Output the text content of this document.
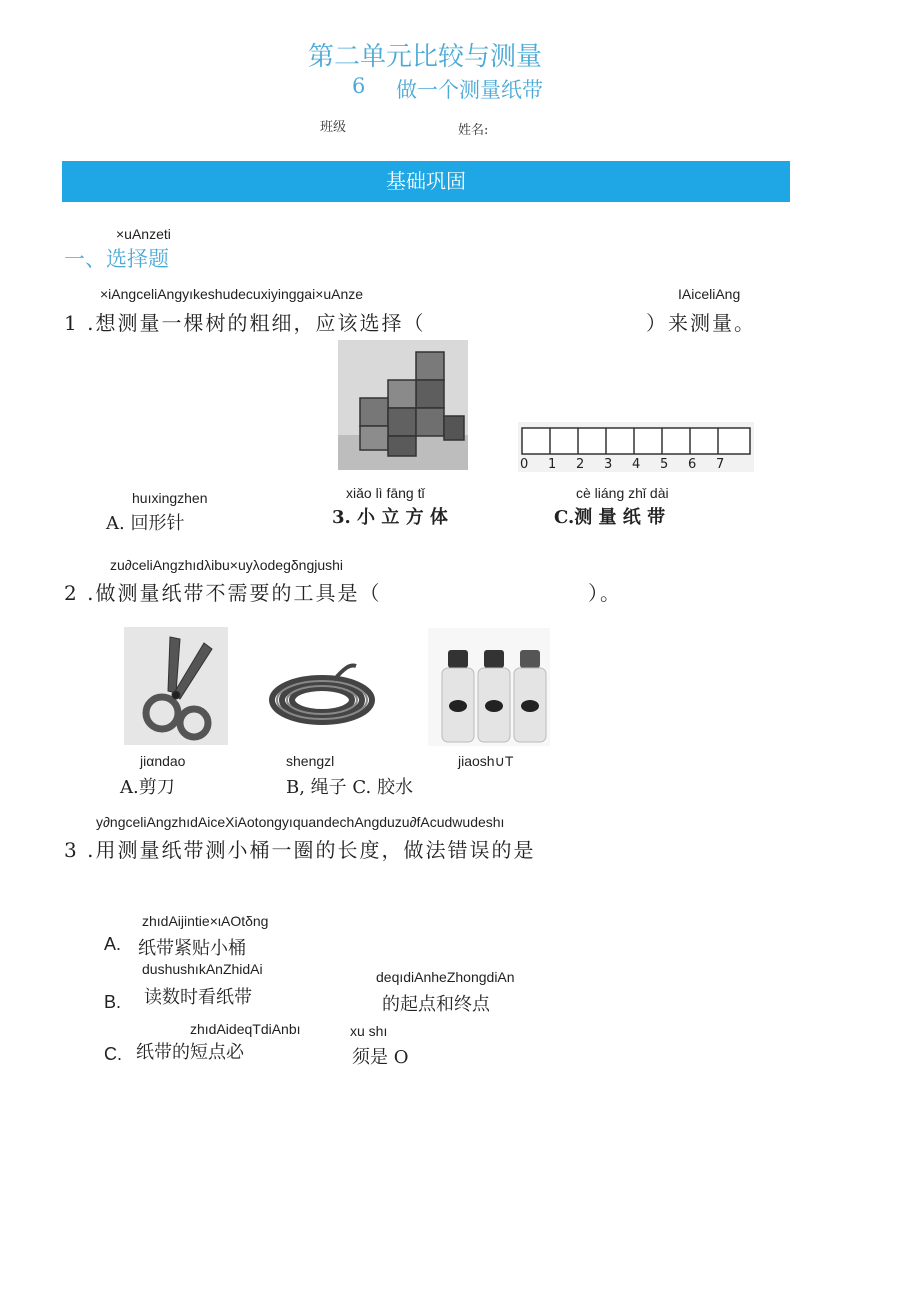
第二单元比较与测量
6 做一个测量纸带
班级	姓名:
基础巩固
×uAnzeti
一、选择题
×iAngceliAngyıkeshudecuxiyinggai×uAnze	IAiceliAng
1 .想测量一棵树的粗细，应该选择（	）来测量。
0 1 2 3 4 5 6 7
huıxingzhen
A. 回形针
xiǎo lì fāng tǐ
3. 小 立 方 体
cè liáng zhǐ dài
C.测 量 纸 带
zu∂celiAngzhıdλibu×uyλodegδngjushi
2 .做测量纸带不需要的工具是（	）。
jiαndao
A.剪刀
shengzl
B, 绳子 C. 胶水
jiaosh∪T
y∂ngceliAngzhıdAiceXiAotongyıquandechAngduzu∂fAcudwudeshı
3 .用测量纸带测小桶一圈的长度，做法错误的是
zhıdAijintie×ιAOtδng
A. 纸带紧贴小桶
dushushıkAnZhidAi
B. 读数时看纸带
deqıdiAnheZhongdiAn
的起点和终点
zhıdAideqTdiAnbı
C. 纸带的短点必
xu shı
须是 O
